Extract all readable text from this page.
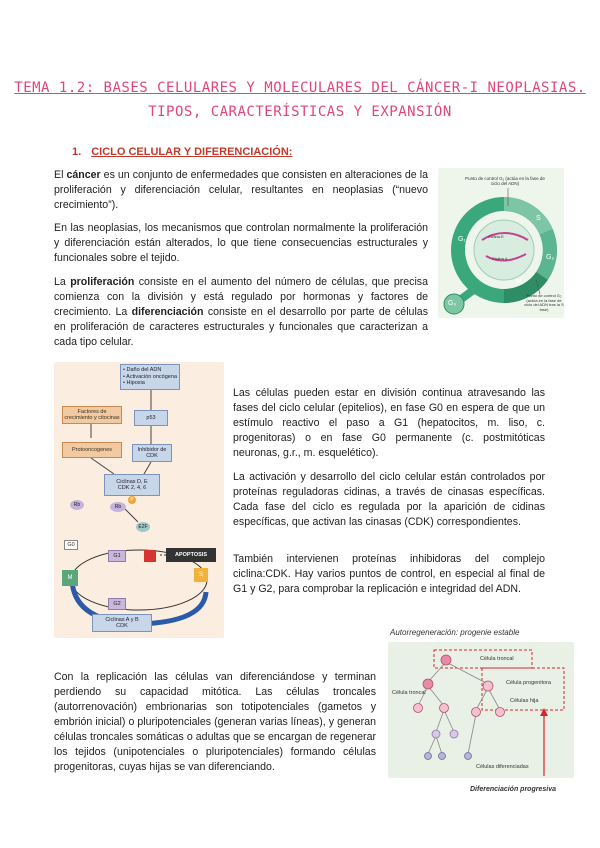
TEMA 1.2: BASES CELULARES Y MOLECULARES DEL CÁNCER-I NEOPLASIAS.
TIPOS, CARACTERÍSTICAS Y EXPANSIÓN
1. CICLO CELULAR Y DIFERENCIACIÓN:
El cáncer es un conjunto de enfermedades que consisten en alteraciones de la proliferación y diferenciación celular, resultantes en neoplasias (“nuevo crecimiento”).
En las neoplasias, los mecanismos que controlan normalmente la proliferación y diferenciación están alterados, lo que tiene consecuencias estructurales y funcionales sobre el tejido.
La proliferación consiste en el aumento del número de células, que precisa comienza con la división y está regulado por hormonas y factores de crecimiento. La diferenciación consiste en el desarrollo por parte de células en proliferación de caracteres estructurales y funcionales que caracterizan a cada tipo celular.
Punto de control G₁ (actúa en la fase de ciclo del ADN)
Punto de control G₂ (actúa en la fase de ciclo del ADN tras la S fase)
S
G₁
G₂
M
G₀
Ciclina E
Ciclina A
• Daño del ADN
• Activación oncógena
• Hipoxia
Factores de crecimiento y citocinas	p53
Protooncogenes	Inhibidor de CDK
Ciclinas D, E
CDK 2, 4, 6
Rb	Rb
P
E2F
G0
G1	APOPTOSIS
M	S
G2
Ciclinas A y B
CDK
Las células pueden estar en división continua atravesando las fases del ciclo celular (epitelios), en fase G0 en espera de que un estímulo reactivo el paso a G1 (hepatocitos, m. liso, c. progenitoras) o en fase G0 permanente (c. postmitóticas neuronas, g.r., m. esquelético).
La activación y desarrollo del ciclo celular están controlados por proteínas reguladoras cidinas, a través de cinasas específicas. Cada fase del ciclo es regulada por la aparición de cidinas específicas, que activan las cinasas (CDK) correspondientes.
También intervienen proteínas inhibidoras del complejo ciclina:CDK. Hay varios puntos de control, en especial al final de G1 y G2, para comprobar la replicación e integridad del ADN.
Autorregeneración: progenie estable
Célula troncal
Célula troncal
Célula progenitora
Células hija
Células diferenciadas
Diferenciación progresiva
Con la replicación las células van diferenciándose y terminan perdiendo su capacidad mitótica. Las células troncales (autorrenovación) embrionarias son totipotenciales (gametos y embrión inicial) o pluripotenciales (generan varias líneas), y generan células troncales somáticas o adultas que se encargan de regenerar los tejidos (unipotenciales o pluripotenciales) formando células progenitoras, cuyas hijas se van diferenciando.
